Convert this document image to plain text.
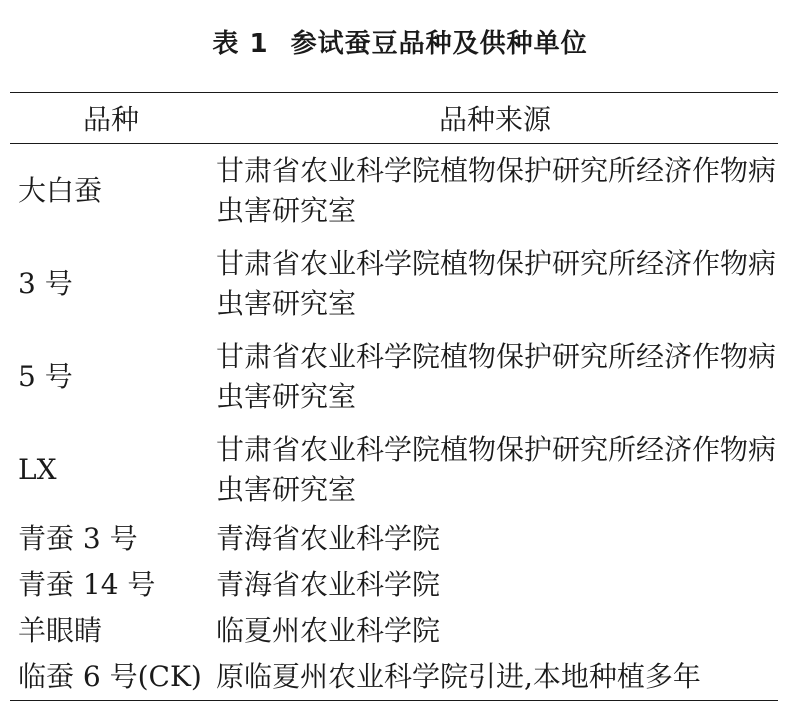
表 1 参试蚕豆品种及供种单位
品种	品种来源
大白蚕	甘肃省农业科学院植物保护研究所经济作物病虫害研究室
3 号	甘肃省农业科学院植物保护研究所经济作物病虫害研究室
5 号	甘肃省农业科学院植物保护研究所经济作物病虫害研究室
LX	甘肃省农业科学院植物保护研究所经济作物病虫害研究室
青蚕 3 号	青海省农业科学院
青蚕 14 号	青海省农业科学院
羊眼睛	临夏州农业科学院
临蚕 6 号(CK)	原临夏州农业科学院引进,本地种植多年
